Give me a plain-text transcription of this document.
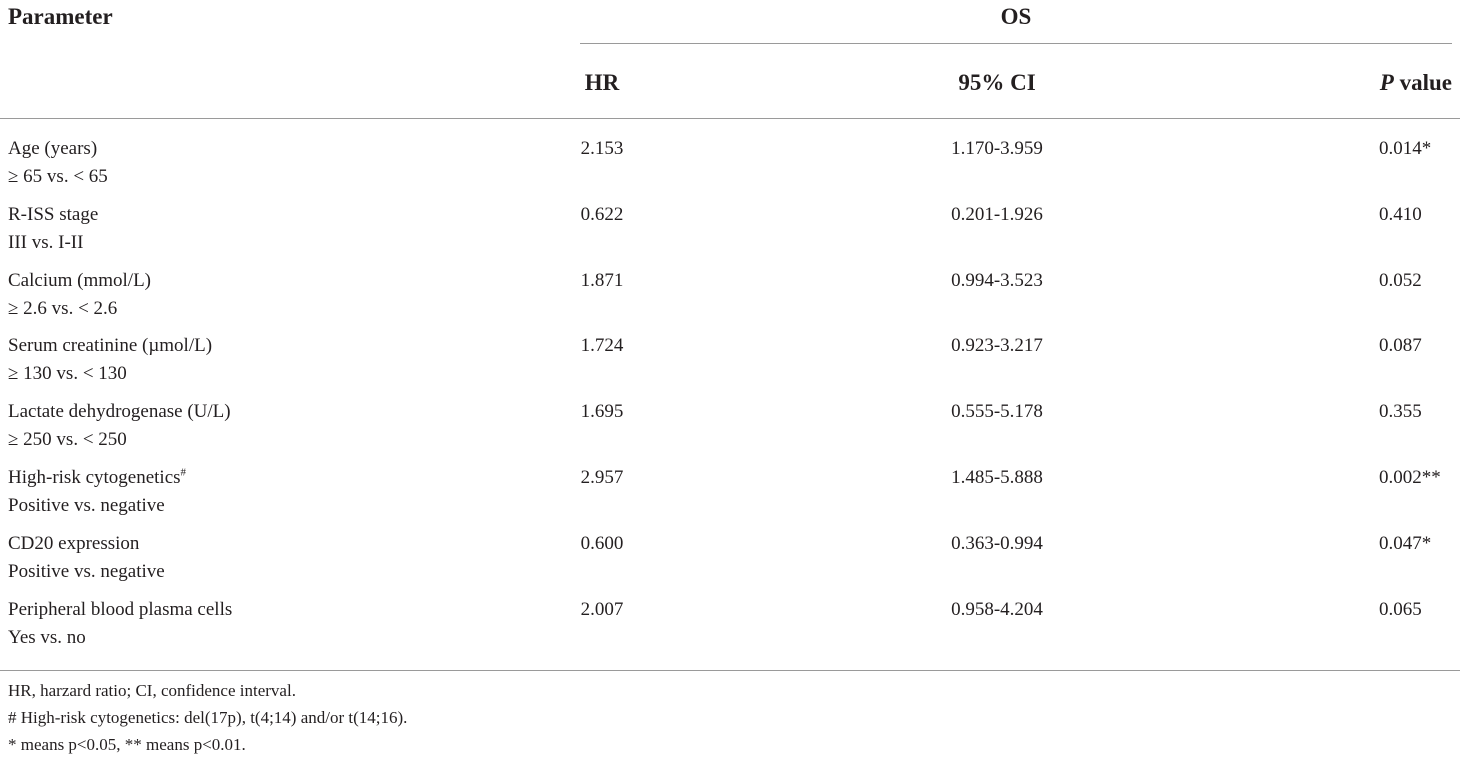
Parameter	OS
HR	95% CI	P value
Age (years)
≥ 65 vs. < 65
2.153	1.170-3.959	0.014*
R-ISS stage
III vs. I-II
0.622	0.201-1.926	0.410
Calcium (mmol/L)
≥ 2.6 vs. < 2.6
1.871	0.994-3.523	0.052
Serum creatinine (µmol/L)
≥ 130 vs. < 130
1.724	0.923-3.217	0.087
Lactate dehydrogenase (U/L)
≥ 250 vs. < 250
1.695	0.555-5.178	0.355
High-risk cytogenetics#
Positive vs. negative
2.957	1.485-5.888	0.002**
CD20 expression
Positive vs. negative
0.600	0.363-0.994	0.047*
Peripheral blood plasma cells
Yes vs. no
2.007	0.958-4.204	0.065
HR, harzard ratio; CI, confidence interval.
# High-risk cytogenetics: del(17p), t(4;14) and/or t(14;16).
* means p<0.05, ** means p<0.01.
